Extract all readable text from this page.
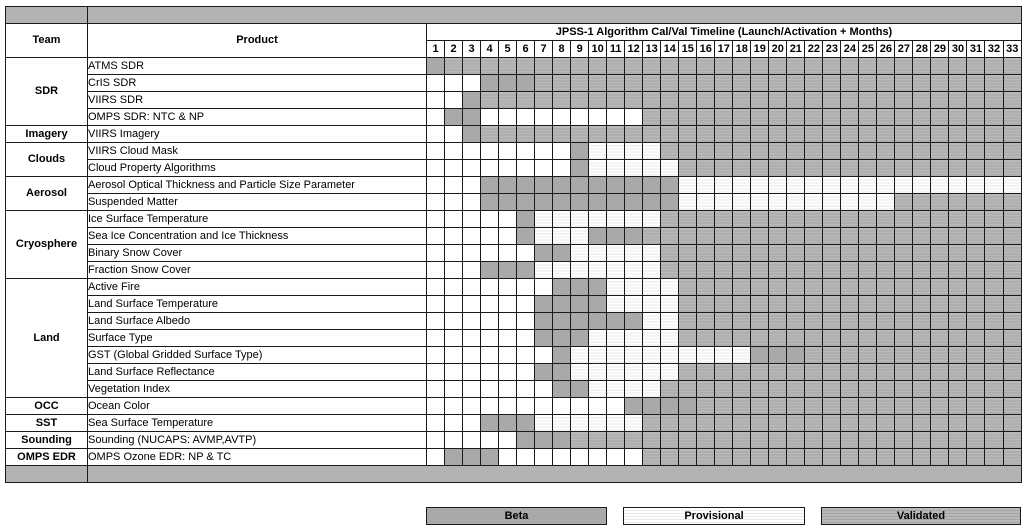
Team	Product	JPSS-1 Algorithm Cal/Val Timeline (Launch/Activation + Months)																																
		1	2	3	4	5	6	7	8	9	10	11	12	13	14	15	16	17	18	19	20	21	22	23	24	25	26	27	28	29	30	31	32	33
SDR	ATMS SDR																																	
	CrIS SDR																																	
	VIIRS SDR																																	
	OMPS SDR: NTC & NP																																	
Imagery	VIIRS Imagery																																	
Clouds	VIIRS Cloud Mask																																	
	Cloud Property Algorithms																																	
Aerosol	Aerosol Optical Thickness and Particle Size Parameter																																	
	Suspended Matter																																	
Cryosphere	Ice Surface Temperature																																	
	Sea Ice Concentration and Ice Thickness																																	
	Binary Snow Cover																																	
	Fraction Snow Cover																																	
Land	Active Fire																																	
	Land Surface Temperature																																	
	Land Surface Albedo																																	
	Surface Type																																	
	GST (Global Gridded Surface Type)																																	
	Land Surface Reflectance																																	
	Vegetation Index																																	
OCC	Ocean Color																																	
SST	Sea Surface Temperature																																	
Sounding	Sounding (NUCAPS: AVMP,AVTP)																																	
OMPS EDR	OMPS Ozone EDR: NP & TC																																	

Beta	Provisional	Validated
